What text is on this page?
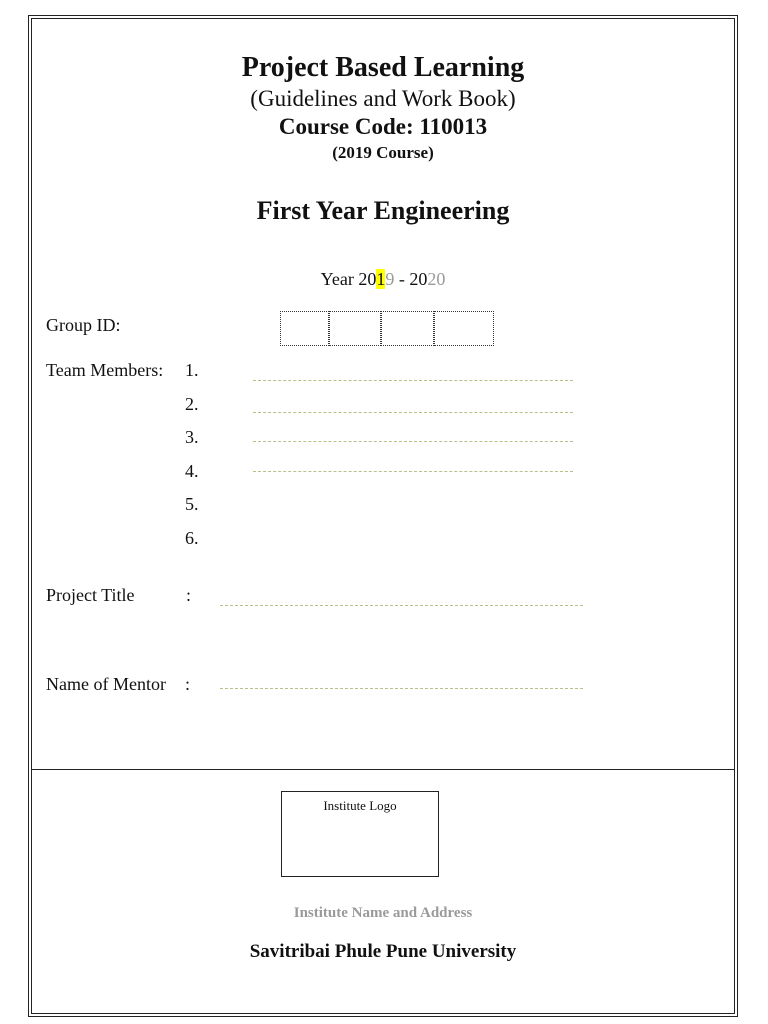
Project Based Learning
(Guidelines and Work Book)
Course Code: 110013
(2019 Course)
First Year Engineering
Year 2019 - 2020
Group ID:
Team Members: 1.
2.
3.
4.
5.
6.
Project Title	:
Name of Mentor :
Institute Logo
Institute Name and Address
Savitribai Phule Pune University
